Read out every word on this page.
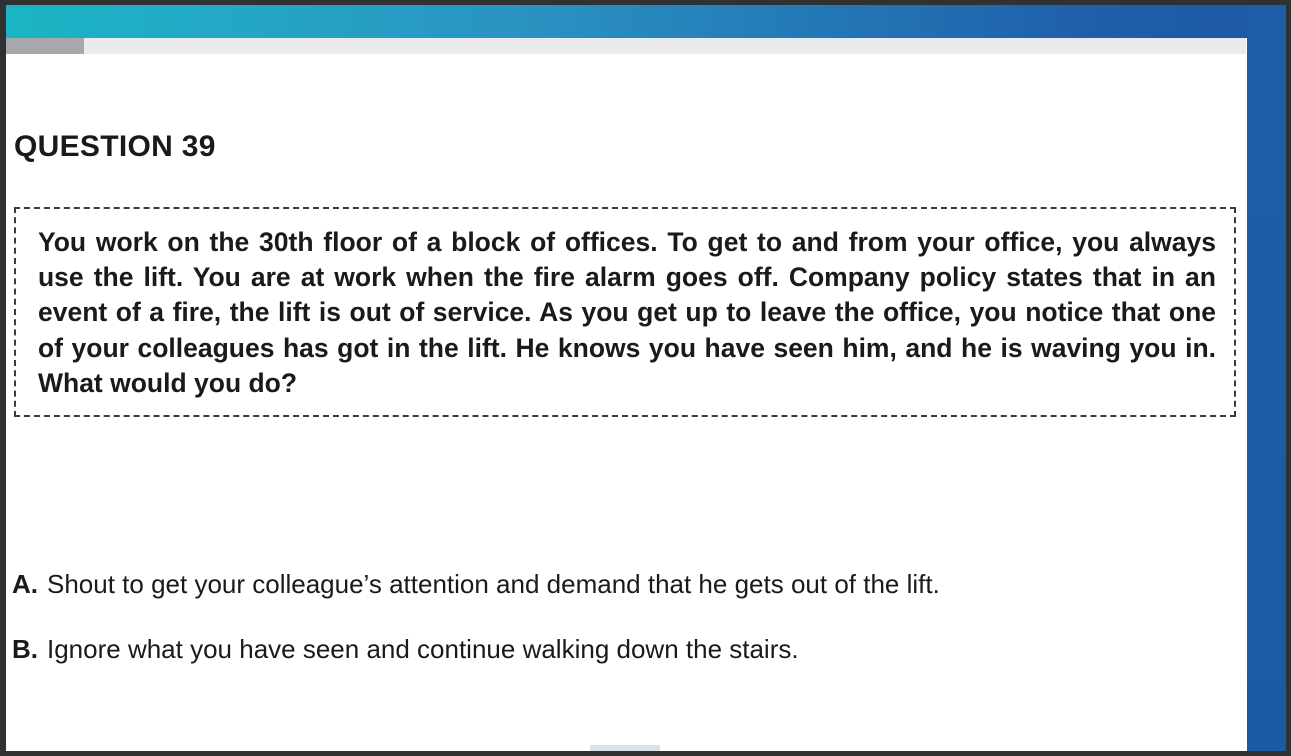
QUESTION 39

You work on the 30th floor of a block of offices. To get to and from your office, you always use the lift. You are at work when the fire alarm goes off. Company policy states that in an event of a fire, the lift is out of service. As you get up to leave the office, you notice that one of your colleagues has got in the lift. He knows you have seen him, and he is waving you in. What would you do?

A. Shout to get your colleague’s attention and demand that he gets out of the lift.
B. Ignore what you have seen and continue walking down the stairs.
